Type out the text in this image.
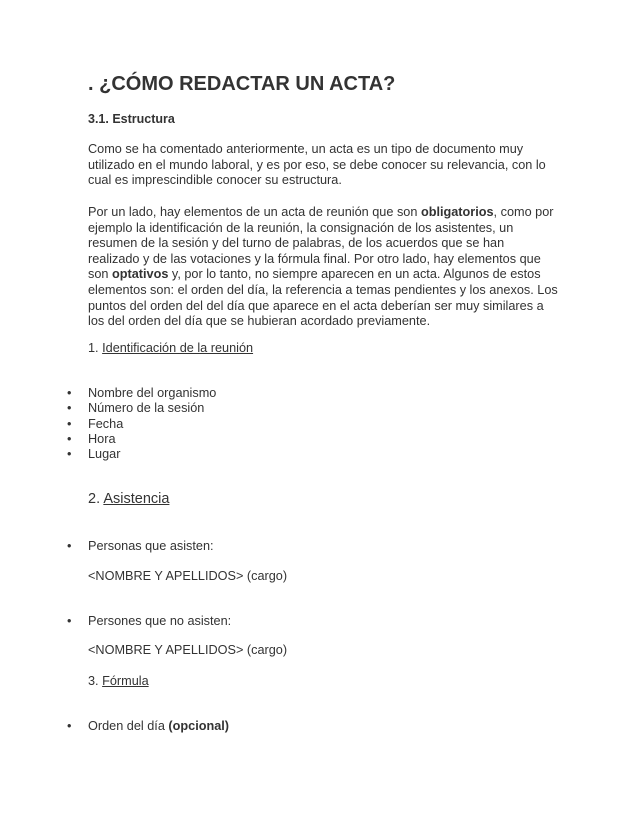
. ¿CÓMO REDACTAR UN ACTA?
3.1. Estructura
Como se ha comentado anteriormente, un acta es un tipo de documento muy utilizado en el mundo laboral, y es por eso, se debe conocer su relevancia, con lo cual es imprescindible conocer su estructura.
Por un lado, hay elementos de un acta de reunión que son obligatorios, como por ejemplo la identificación de la reunión, la consignación de los asistentes, un resumen de la sesión y del turno de palabras, de los acuerdos que se han realizado y de las votaciones y la fórmula final. Por otro lado, hay elementos que son optativos y, por lo tanto, no siempre aparecen en un acta. Algunos de estos elementos son: el orden del día, la referencia a temas pendientes y los anexos. Los puntos del orden del del día que aparece en el acta deberían ser muy similares a los del orden del día que se hubieran acordado previamente.
1. Identificación de la reunión
• Nombre del organismo
• Número de la sesión
• Fecha
• Hora
• Lugar
2. Asistencia
• Personas que asisten:
<NOMBRE Y APELLIDOS> (cargo)
• Persones que no asisten:
<NOMBRE Y APELLIDOS> (cargo)
3. Fórmula
• Orden del día (opcional)
